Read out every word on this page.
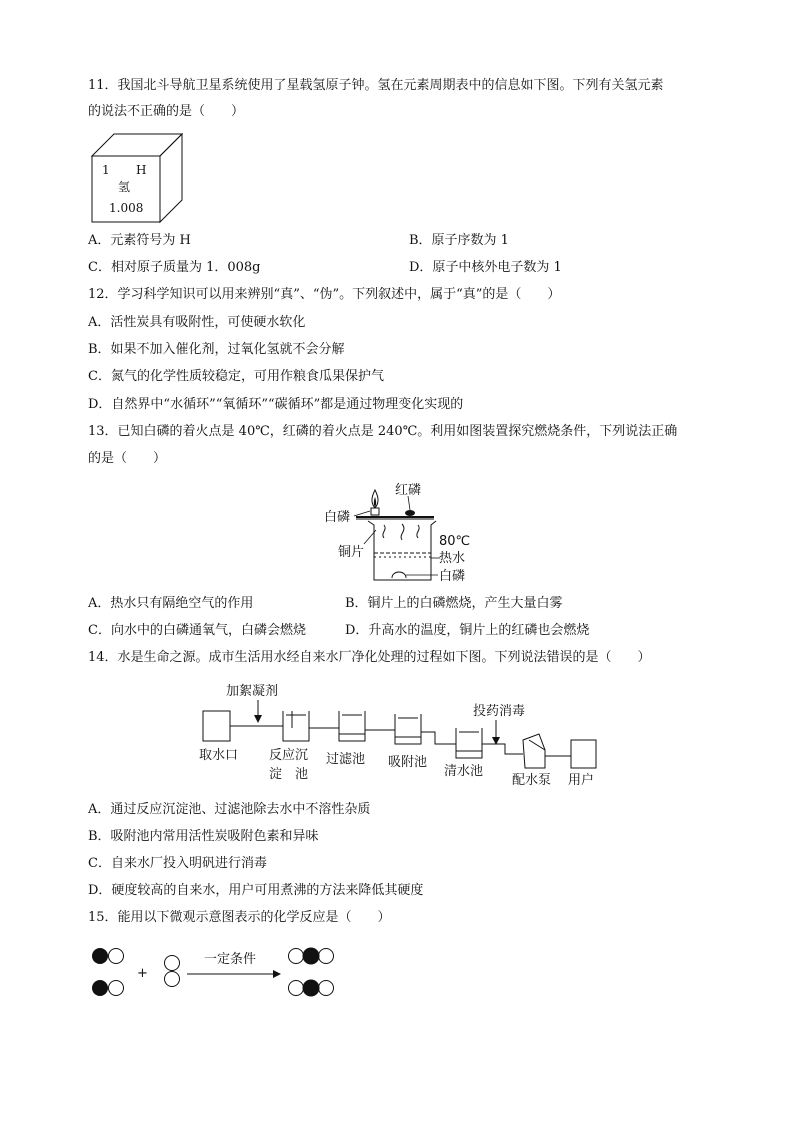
11．我国北斗导航卫星系统使用了星载氢原子钟。氢在元素周期表中的信息如下图。下列有关氢元素
的说法不正确的是（　　）
1 H
氢
1.008
A．元素符号为 H	B．原子序数为 1
C．相对原子质量为 1．008g	D．原子中核外电子数为 1
12．学习科学知识可以用来辨别“真”、“伪”。下列叙述中，属于“真”的是（　　）
A．活性炭具有吸附性，可使硬水软化
B．如果不加入催化剂，过氧化氢就不会分解
C．氮气的化学性质较稳定，可用作粮食瓜果保护气
D．自然界中“水循环”“氧循环”“碳循环”都是通过物理变化实现的
13．已知白磷的着火点是 40℃，红磷的着火点是 240℃。利用如图装置探究燃烧条件，下列说法正确
的是（　　）
红磷
白磷
铜片
80℃
热水
白磷
A．热水只有隔绝空气的作用	B．铜片上的白磷燃烧，产生大量白雾
C．向水中的白磷通氧气，白磷会燃烧	D．升高水的温度，铜片上的红磷也会燃烧
14．水是生命之源。成市生活用水经自来水厂净化处理的过程如下图。下列说法错误的是（　　）
加絮凝剂
投药消毒
取水口 反应沉
淀　池
过滤池 吸附池
清水池
配水泵 用户
A．通过反应沉淀池、过滤池除去水中不溶性杂质
B．吸附池内常用活性炭吸附色素和异味
C．自来水厂投入明矾进行消毒
D．硬度较高的自来水，用户可用煮沸的方法来降低其硬度
15．能用以下微观示意图表示的化学反应是（　　）
+
一定条件
